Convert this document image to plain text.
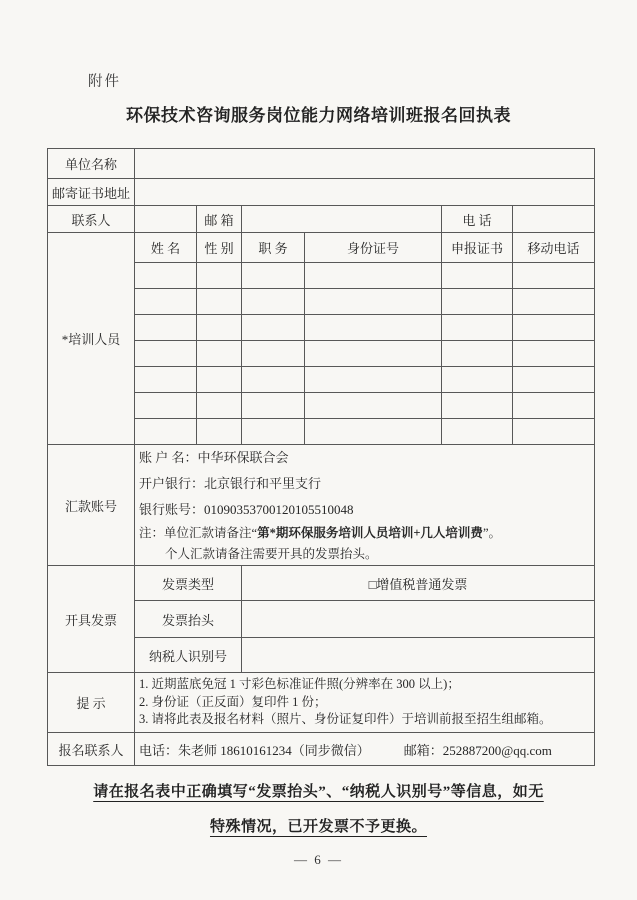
附件
环保技术咨询服务岗位能力网络培训班报名回执表
单位名称						
邮寄证书地址						
联系人		邮 箱			电 话	
*培训人员	姓 名	性 别	职 务	身份证号	申报证书	移动电话

汇款账号	账 户 名：中华环保联合会
开户银行：北京银行和平里支行
银行账号：01090353700120105510048
注：单位汇款请备注“第*期环保服务培训人员培训+几人培训费”。
个人汇款请备注需要开具的发票抬头。					

开具发票	发票类型		□增值税普通发票			
	发票抬头					
	纳税人识别号					
提 示	1. 近期蓝底免冠 1 寸彩色标准证件照(分辨率在 300 以上)；
2. 身份证（正反面）复印件 1 份；
3. 请将此表及报名材料（照片、身份证复印件）于培训前报至招生组邮箱。					

报名联系人	电话：朱老师 18610161234（同步微信） 邮箱：252887200@qq.com					
请在报名表中正确填写“发票抬头”、“纳税人识别号”等信息，如无
特殊情况，已开发票不予更换。
— 6 —
